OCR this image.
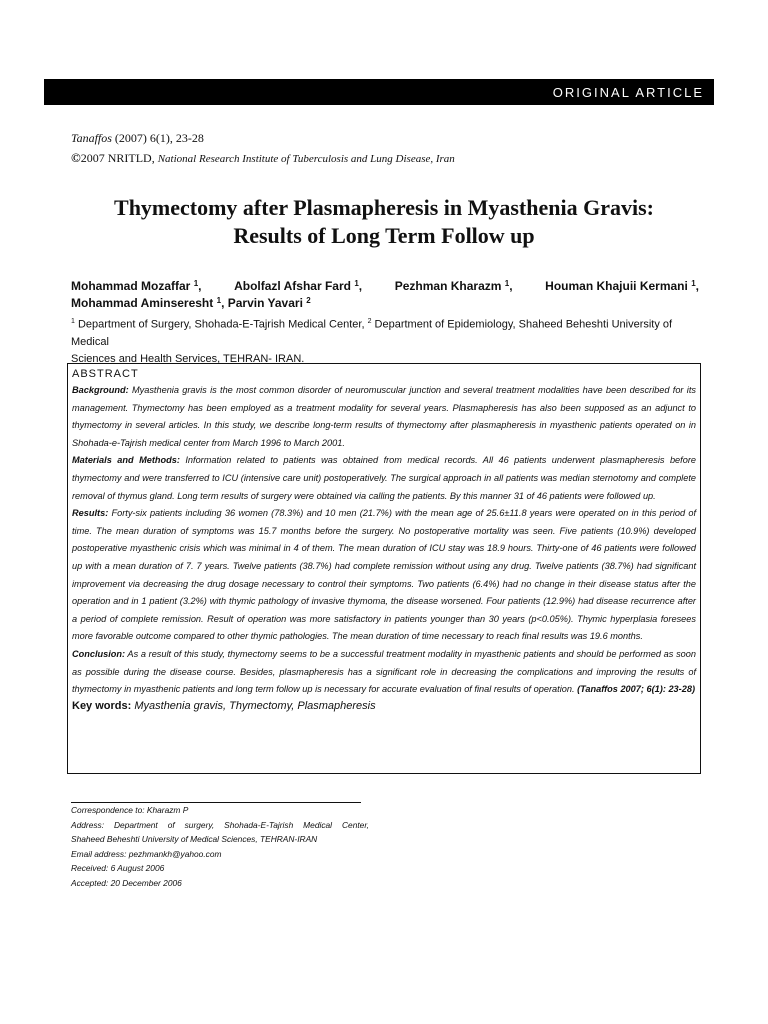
ORIGINAL ARTICLE
Tanaffos (2007) 6(1), 23-28
©2007 NRITLD, National Research Institute of Tuberculosis and Lung Disease, Iran
Thymectomy after Plasmapheresis in Myasthenia Gravis:
Results of Long Term Follow up
Mohammad Mozaffar $^1$,	Abolfazl Afshar Fard $^1$,	Pezhman Kharazm $^1$,	Houman Khajuii Kermani $^1$,
Mohammad Aminseresht $^1$, Parvin Yavari $^2$
$^1$ Department of Surgery, Shohada-E-Tajrish Medical Center, $^2$ Department of Epidemiology, Shaheed Beheshti University of Medical
Sciences and Health Services, TEHRAN- IRAN.
ABSTRACT
Background: Myasthenia gravis is the most common disorder of neuromuscular junction and several treatment modalities have been described for its management. Thymectomy has been employed as a treatment modality for several years. Plasmapheresis has also been supposed as an adjunct to thymectomy in several articles. In this study, we describe long-term results of thymectomy after plasmapheresis in myasthenic patients operated on in Shohada-e-Tajrish medical center from March 1996 to March 2001.
Materials and Methods: Information related to patients was obtained from medical records. All 46 patients underwent plasmapheresis before thymectomy and were transferred to ICU (intensive care unit) postoperatively. The surgical approach in all patients was median sternotomy and complete removal of thymus gland. Long term results of surgery were obtained via calling the patients. By this manner 31 of 46 patients were followed up.
Results: Forty-six patients including 36 women (78.3%) and 10 men (21.7%) with the mean age of 25.6±11.8 years were operated on in this period of time. The mean duration of symptoms was 15.7 months before the surgery. No postoperative mortality was seen. Five patients (10.9%) developed postoperative myasthenic crisis which was minimal in 4 of them. The mean duration of ICU stay was 18.9 hours. Thirty-one of 46 patients were followed up with a mean duration of 7. 7 years. Twelve patients (38.7%) had complete remission without using any drug. Twelve patients (38.7%) had significant improvement via decreasing the drug dosage necessary to control their symptoms. Two patients (6.4%) had no change in their disease status after the operation and in 1 patient (3.2%) with thymic pathology of invasive thymoma, the disease worsened. Four patients (12.9%) had disease recurrence after a period of complete remission. Result of operation was more satisfactory in patients younger than 30 years (p<0.05%). Thymic hyperplasia foresees more favorable outcome compared to other thymic pathologies. The mean duration of time necessary to reach final results was 19.6 months.
Conclusion: As a result of this study, thymectomy seems to be a successful treatment modality in myasthenic patients and should be performed as soon as possible during the disease course. Besides, plasmapheresis has a significant role in decreasing the complications and improving the results of thymectomy in myasthenic patients and long term follow up is necessary for accurate evaluation of final results of operation. (Tanaffos 2007; 6(1): 23-28)
Key words: Myasthenia gravis, Thymectomy, Plasmapheresis
Correspondence to: Kharazm P
Address: Department of surgery, Shohada-E-Tajrish Medical Center,
Shaheed Beheshti University of Medical Sciences, TEHRAN-IRAN
Email address: pezhmankh@yahoo.com
Received: 6 August 2006
Accepted: 20 December 2006
